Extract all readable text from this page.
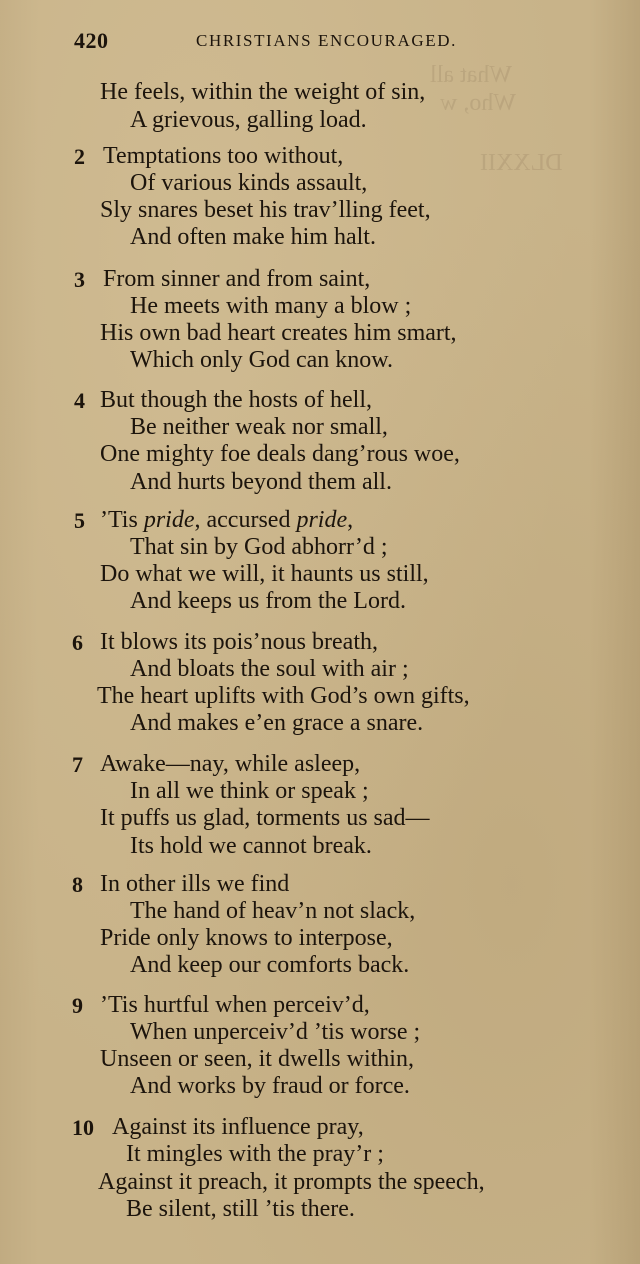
What all
Who, w
DLXXII
420	CHRISTIANS ENCOURAGED.
He feels, within the weight of sin,
A grievous, galling load.
2 Temptations too without,
Of various kinds assault,
Sly snares beset his trav’lling feet,
And often make him halt.
3 From sinner and from saint,
He meets with many a blow ;
His own bad heart creates him smart,
Which only God can know.
4 But though the hosts of hell,
Be neither weak nor small,
One mighty foe deals dang’rous woe,
And hurts beyond them all.
5 ’Tis pride, accursed pride,
That sin by God abhorr’d ;
Do what we will, it haunts us still,
And keeps us from the Lord.
6 It blows its pois’nous breath,
And bloats the soul with air ;
The heart uplifts with God’s own gifts,
And makes e’en grace a snare.
7 Awake—nay, while asleep,
In all we think or speak ;
It puffs us glad, torments us sad—
Its hold we cannot break.
8 In other ills we find
The hand of heav’n not slack,
Pride only knows to interpose,
And keep our comforts back.
9 ’Tis hurtful when perceiv’d,
When unperceiv’d ’tis worse ;
Unseen or seen, it dwells within,
And works by fraud or force.
10 Against its influence pray,
It mingles with the pray’r ;
Against it preach, it prompts the speech,
Be silent, still ’tis there.
